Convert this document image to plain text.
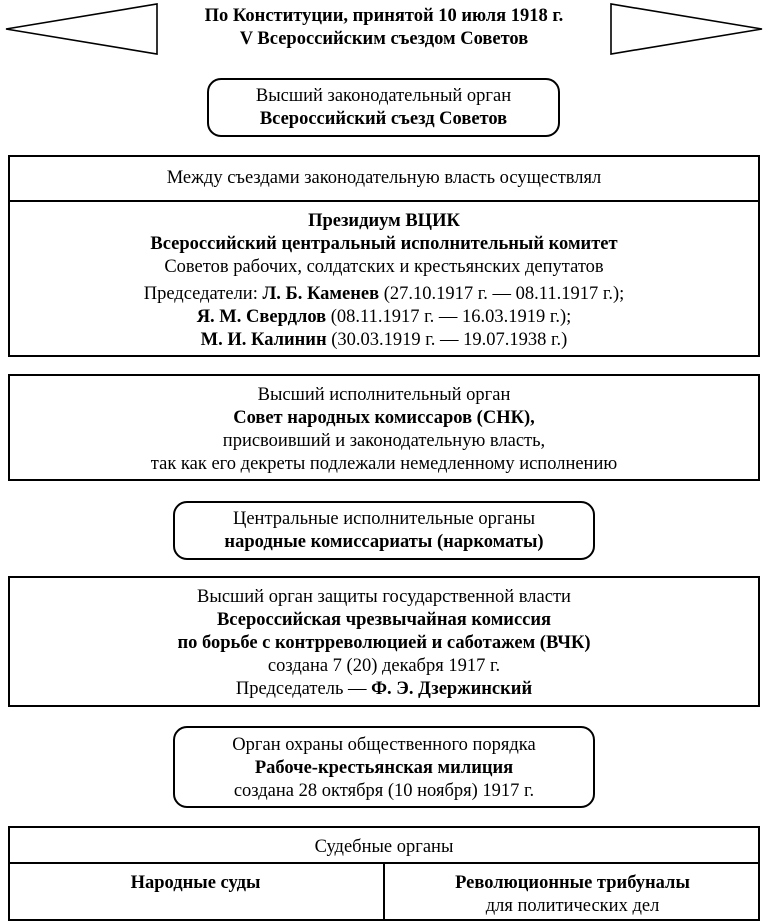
По Конституции, принятой 10 июля 1918 г.
V Всероссийским съездом Советов
Высший законодательный орган
Всероссийский съезд Советов
Между съездами законодательную власть осуществлял
Президиум ВЦИК
Всероссийский центральный исполнительный комитет
Советов рабочих, солдатских и крестьянских депутатов
Председатели: Л. Б. Каменев (27.10.1917 г. — 08.11.1917 г.);
Я. М. Свердлов (08.11.1917 г. — 16.03.1919 г.);
М. И. Калинин (30.03.1919 г. — 19.07.1938 г.)
Высший исполнительный орган
Совет народных комиссаров (СНК),
присвоивший и законодательную власть,
так как его декреты подлежали немедленному исполнению
Центральные исполнительные органы
народные комиссариаты (наркоматы)
Высший орган защиты государственной власти
Всероссийская чрезвычайная комиссия
по борьбе с контрреволюцией и саботажем (ВЧК)
создана 7 (20) декабря 1917 г.
Председатель — Ф. Э. Дзержинский
Орган охраны общественного порядка
Рабоче-крестьянская милиция
создана 28 октября (10 ноября) 1917 г.
Судебные органы
Народные суды	Революционные трибуналы
для политических дел
